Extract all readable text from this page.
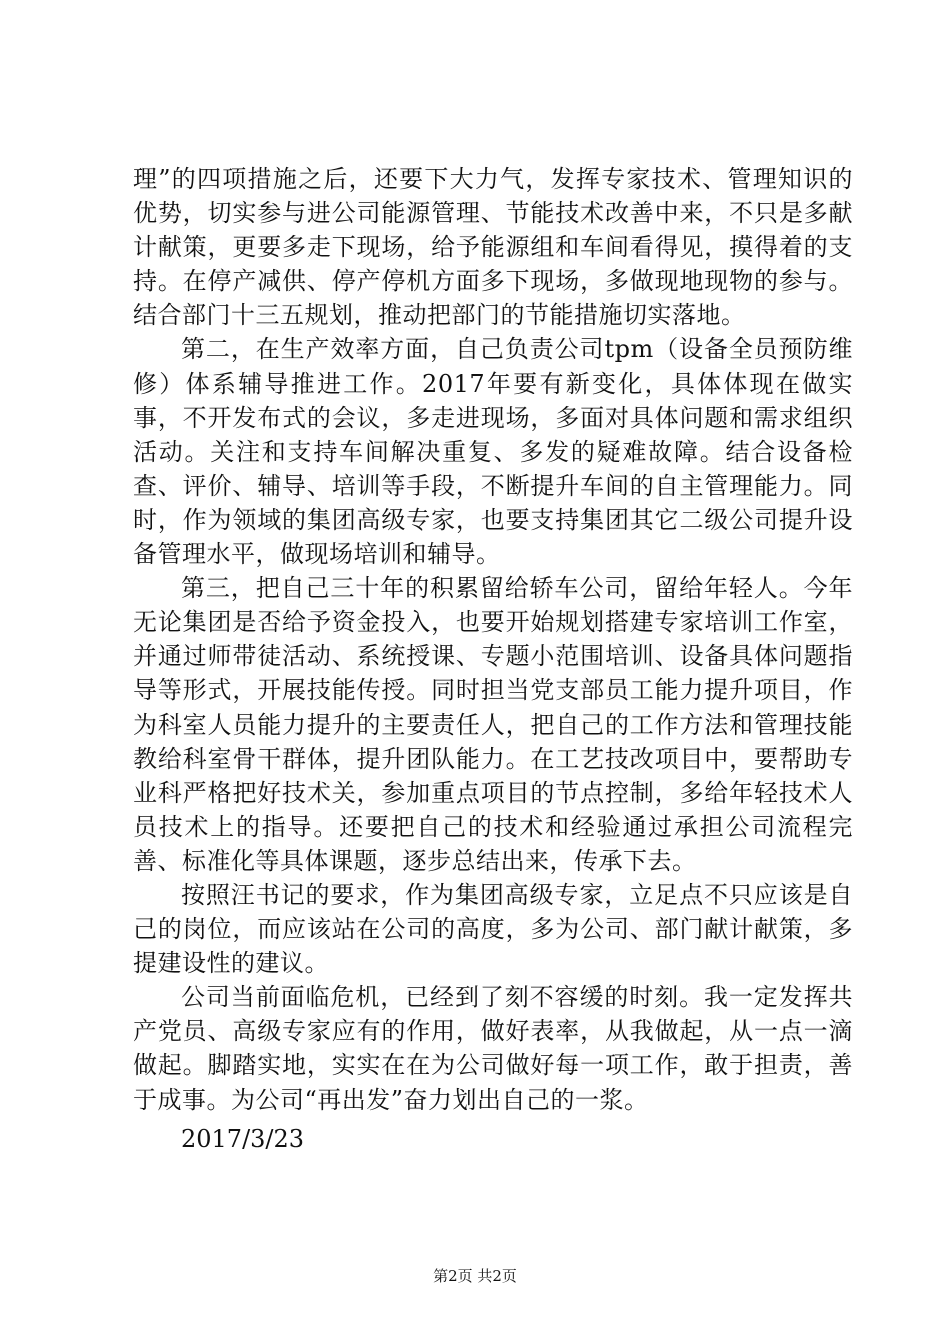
理”的四项措施之后，还要下大力气，发挥专家技术、管理知识的优势，切实参与进公司能源管理、节能技术改善中来，不只是多献计献策，更要多走下现场，给予能源组和车间看得见，摸得着的支持。在停产减供、停产停机方面多下现场，多做现地现物的参与。结合部门十三五规划，推动把部门的节能措施切实落地。

第二，在生产效率方面，自己负责公司tpm（设备全员预防维修）体系辅导推进工作。2017年要有新变化，具体体现在做实事，不开发布式的会议，多走进现场，多面对具体问题和需求组织活动。关注和支持车间解决重复、多发的疑难故障。结合设备检查、评价、辅导、培训等手段，不断提升车间的自主管理能力。同时，作为领域的集团高级专家，也要支持集团其它二级公司提升设备管理水平，做现场培训和辅导。

第三，把自己三十年的积累留给轿车公司，留给年轻人。今年无论集团是否给予资金投入，也要开始规划搭建专家培训工作室，并通过师带徒活动、系统授课、专题小范围培训、设备具体问题指导等形式，开展技能传授。同时担当党支部员工能力提升项目，作为科室人员能力提升的主要责任人，把自己的工作方法和管理技能教给科室骨干群体，提升团队能力。在工艺技改项目中，要帮助专业科严格把好技术关，参加重点项目的节点控制，多给年轻技术人员技术上的指导。还要把自己的技术和经验通过承担公司流程完善、标准化等具体课题，逐步总结出来，传承下去。

按照汪书记的要求，作为集团高级专家，立足点不只应该是自己的岗位，而应该站在公司的高度，多为公司、部门献计献策，多提建设性的建议。

公司当前面临危机，已经到了刻不容缓的时刻。我一定发挥共产党员、高级专家应有的作用，做好表率，从我做起，从一点一滴做起。脚踏实地，实实在在为公司做好每一项工作，敢于担责，善于成事。为公司“再出发”奋力划出自己的一浆。

2017/3/23
第2页 共2页
